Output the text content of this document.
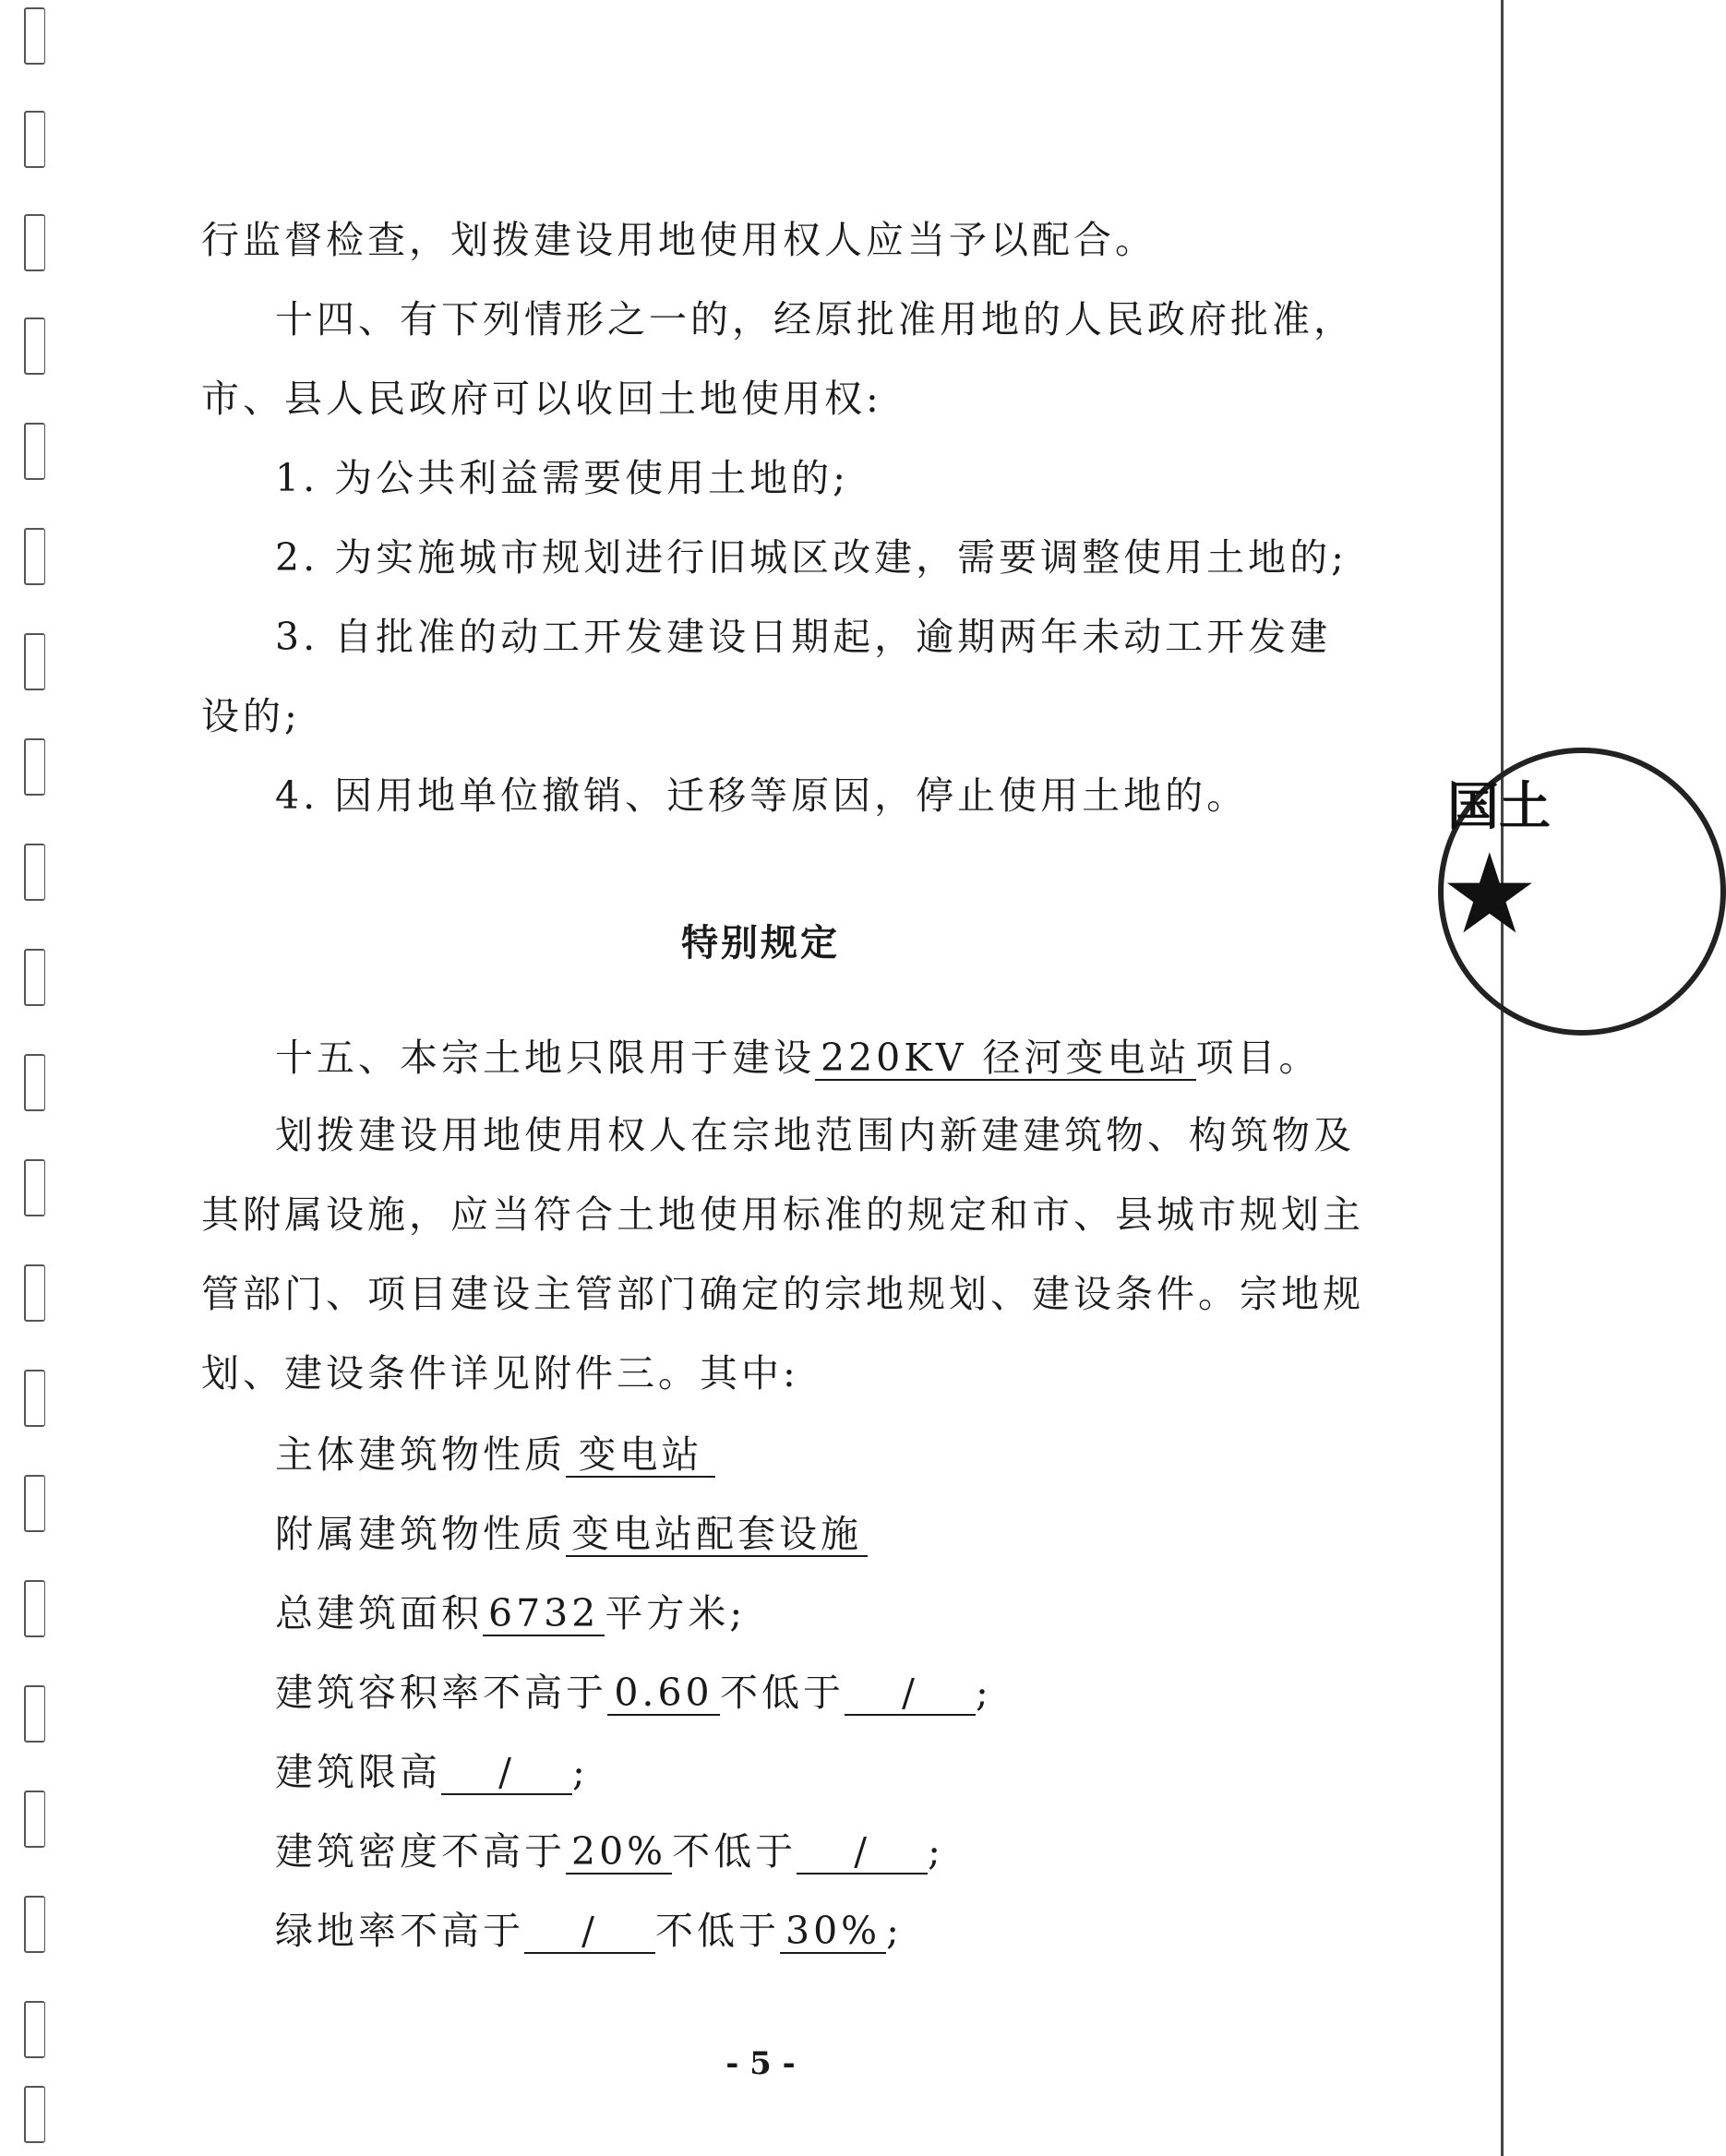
国土
★
行监督检查，划拨建设用地使用权人应当予以配合。
十四、有下列情形之一的，经原批准用地的人民政府批准，
市、县人民政府可以收回土地使用权:
1. 为公共利益需要使用土地的;
2. 为实施城市规划进行旧城区改建，需要调整使用土地的;
3. 自批准的动工开发建设日期起，逾期两年未动工开发建
设的;
4. 因用地单位撤销、迁移等原因，停止使用土地的。
特别规定
十五、本宗土地只限用于建设 220KV 径河变电站 项目。
划拨建设用地使用权人在宗地范围内新建建筑物、构筑物及
其附属设施，应当符合土地使用标准的规定和市、县城市规划主
管部门、项目建设主管部门确定的宗地规划、建设条件。宗地规
划、建设条件详见附件三。其中:
主体建筑物性质 变电站
附属建筑物性质 变电站配套设施
总建筑面积 6732 平方米;
建筑容积率不高于 0.60 不低于 / ;
建筑限高 / ;
建筑密度不高于 20% 不低于 / ;
绿地率不高于 / 不低于 30% ;
- 5 -
